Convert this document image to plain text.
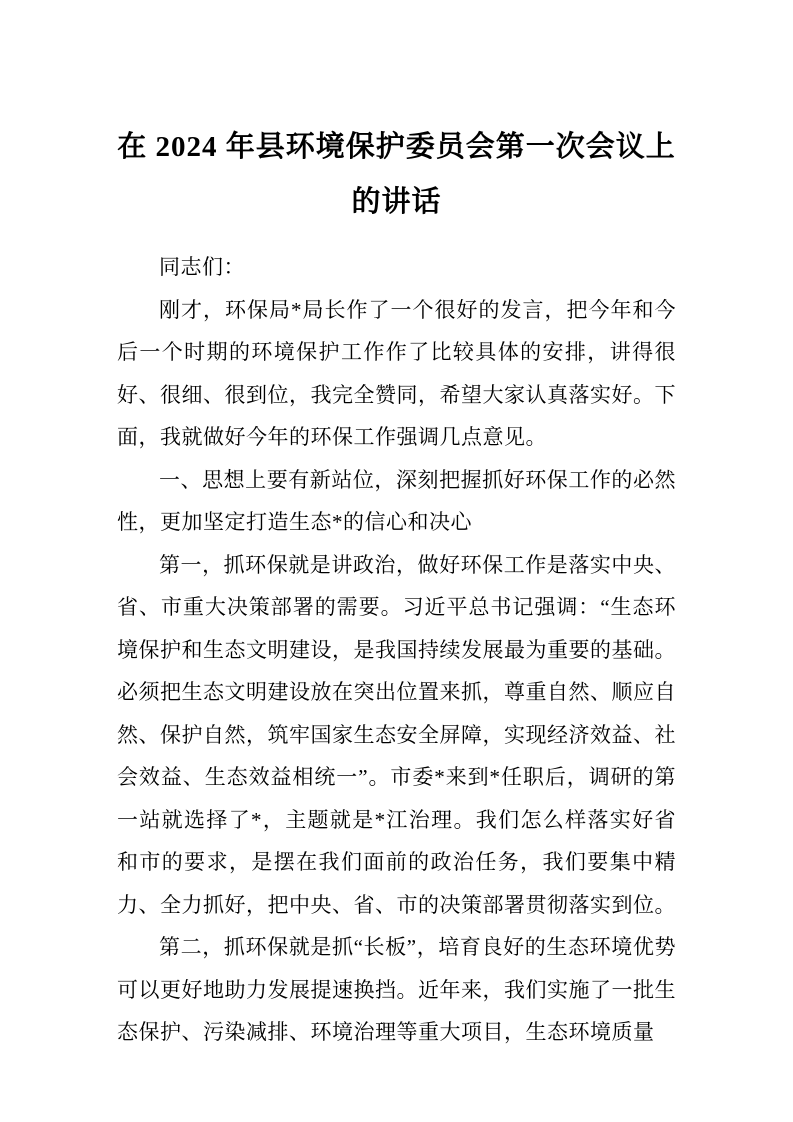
在 2024 年县环境保护委员会第一次会议上的讲话

同志们：

刚才，环保局*局长作了一个很好的发言，把今年和今后一个时期的环境保护工作作了比较具体的安排，讲得很好、很细、很到位，我完全赞同，希望大家认真落实好。下面，我就做好今年的环保工作强调几点意见。

一、思想上要有新站位，深刻把握抓好环保工作的必然性，更加坚定打造生态*的信心和决心

第一，抓环保就是讲政治，做好环保工作是落实中央、省、市重大决策部署的需要。习近平总书记强调：“生态环境保护和生态文明建设，是我国持续发展最为重要的基础。必须把生态文明建设放在突出位置来抓，尊重自然、顺应自然、保护自然，筑牢国家生态安全屏障，实现经济效益、社会效益、生态效益相统一”。市委*来到*任职后，调研的第一站就选择了*，主题就是*江治理。我们怎么样落实好省和市的要求，是摆在我们面前的政治任务，我们要集中精力、全力抓好，把中央、省、市的决策部署贯彻落实到位。

第二，抓环保就是抓“长板”，培育良好的生态环境优势可以更好地助力发展提速换挡。近年来，我们实施了一批生态保护、污染减排、环境治理等重大项目，生态环境质量
